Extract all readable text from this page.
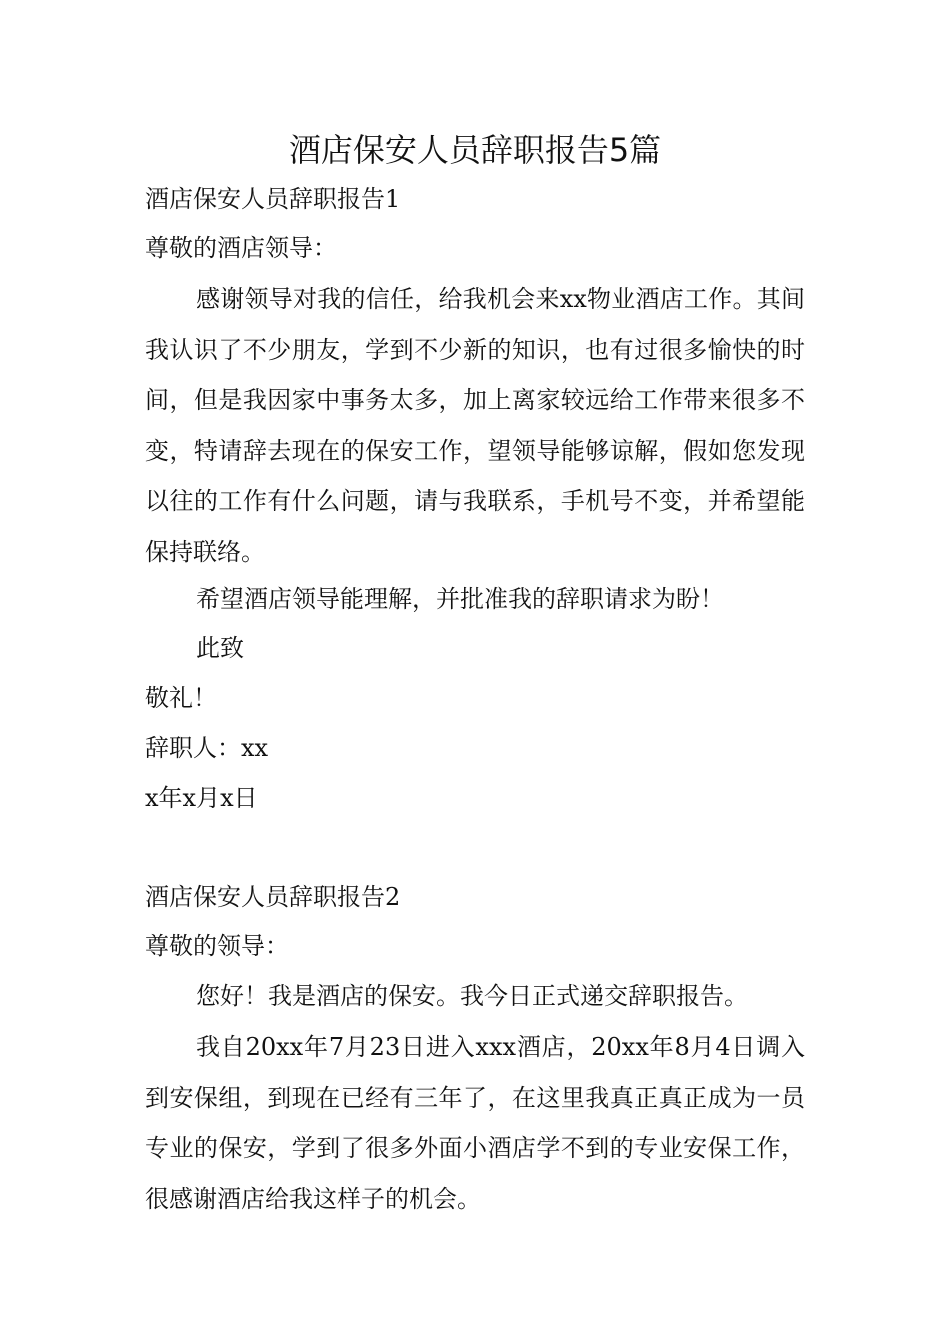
酒店保安人员辞职报告5篇
酒店保安人员辞职报告1
尊敬的酒店领导：
感谢领导对我的信任，给我机会来xx物业酒店工作。其间我认识了不少朋友，学到不少新的知识，也有过很多愉快的时间，但是我因家中事务太多，加上离家较远给工作带来很多不变，特请辞去现在的保安工作，望领导能够谅解，假如您发现以往的工作有什么问题，请与我联系，手机号不变，并希望能保持联络。
希望酒店领导能理解，并批准我的辞职请求为盼！
此致
敬礼！
辞职人：xx
x年x月x日
酒店保安人员辞职报告2
尊敬的领导：
您好！我是酒店的保安。我今日正式递交辞职报告。
我自20xx年7月23日进入xxx酒店，20xx年8月4日调入到安保组，到现在已经有三年了，在这里我真正真正成为一员专业的保安，学到了很多外面小酒店学不到的专业安保工作，很感谢酒店给我这样子的机会。
